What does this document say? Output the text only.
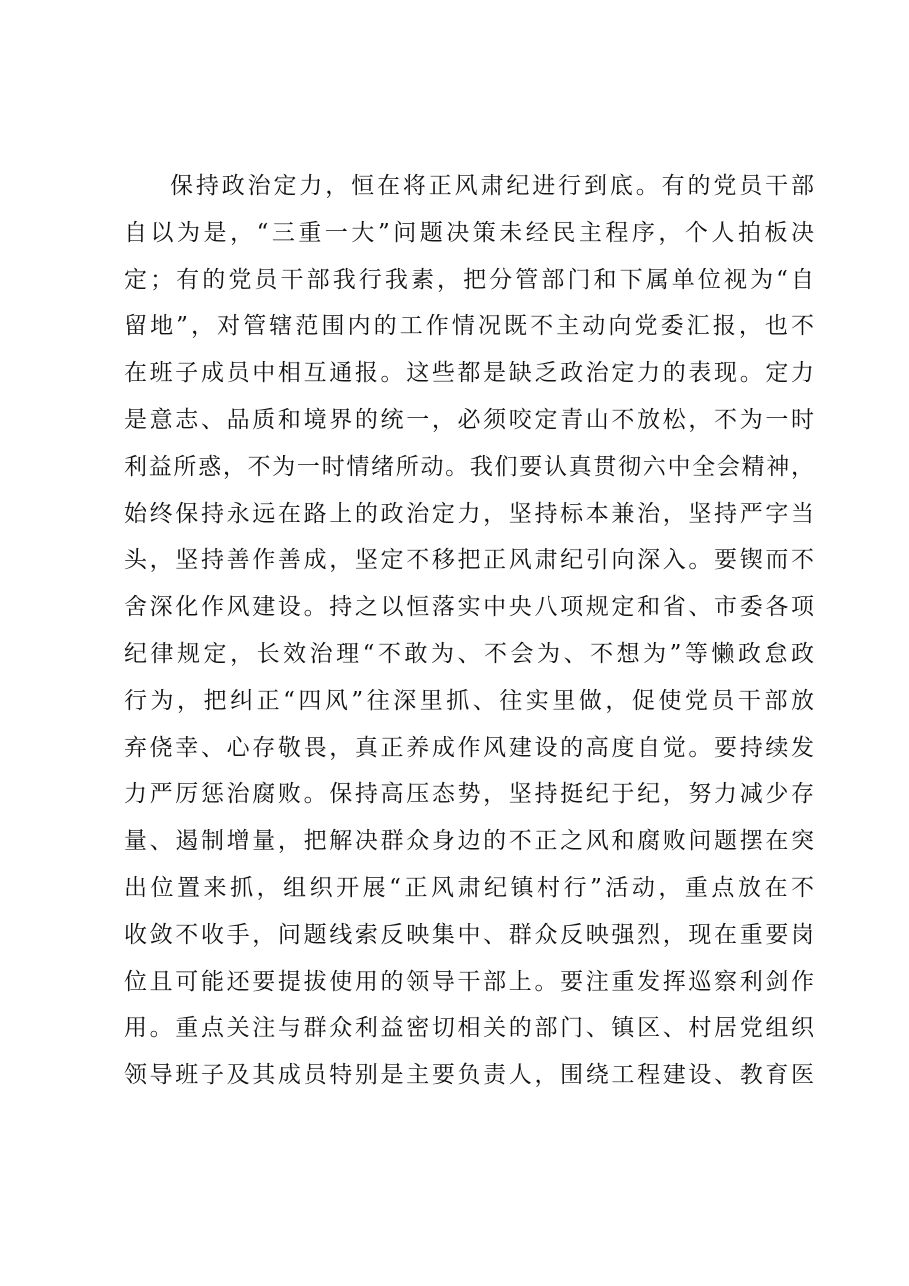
保持政治定力，恒在将正风肃纪进行到底。有的党员干部
自以为是，“三重一大”问题决策未经民主程序，个人拍板决
定；有的党员干部我行我素，把分管部门和下属单位视为“自
留地”，对管辖范围内的工作情况既不主动向党委汇报，也不
在班子成员中相互通报。这些都是缺乏政治定力的表现。定力
是意志、品质和境界的统一，必须咬定青山不放松，不为一时
利益所惑，不为一时情绪所动。我们要认真贯彻六中全会精神，
始终保持永远在路上的政治定力，坚持标本兼治，坚持严字当
头，坚持善作善成，坚定不移把正风肃纪引向深入。要锲而不
舍深化作风建设。持之以恒落实中央八项规定和省、市委各项
纪律规定，长效治理“不敢为、不会为、不想为”等懒政怠政
行为，把纠正“四风”往深里抓、往实里做，促使党员干部放
弃侥幸、心存敬畏，真正养成作风建设的高度自觉。要持续发
力严厉惩治腐败。保持高压态势，坚持挺纪于纪，努力减少存
量、遏制增量，把解决群众身边的不正之风和腐败问题摆在突
出位置来抓，组织开展“正风肃纪镇村行”活动，重点放在不
收敛不收手，问题线索反映集中、群众反映强烈，现在重要岗
位且可能还要提拔使用的领导干部上。要注重发挥巡察利剑作
用。重点关注与群众利益密切相关的部门、镇区、村居党组织
领导班子及其成员特别是主要负责人，围绕工程建设、教育医
